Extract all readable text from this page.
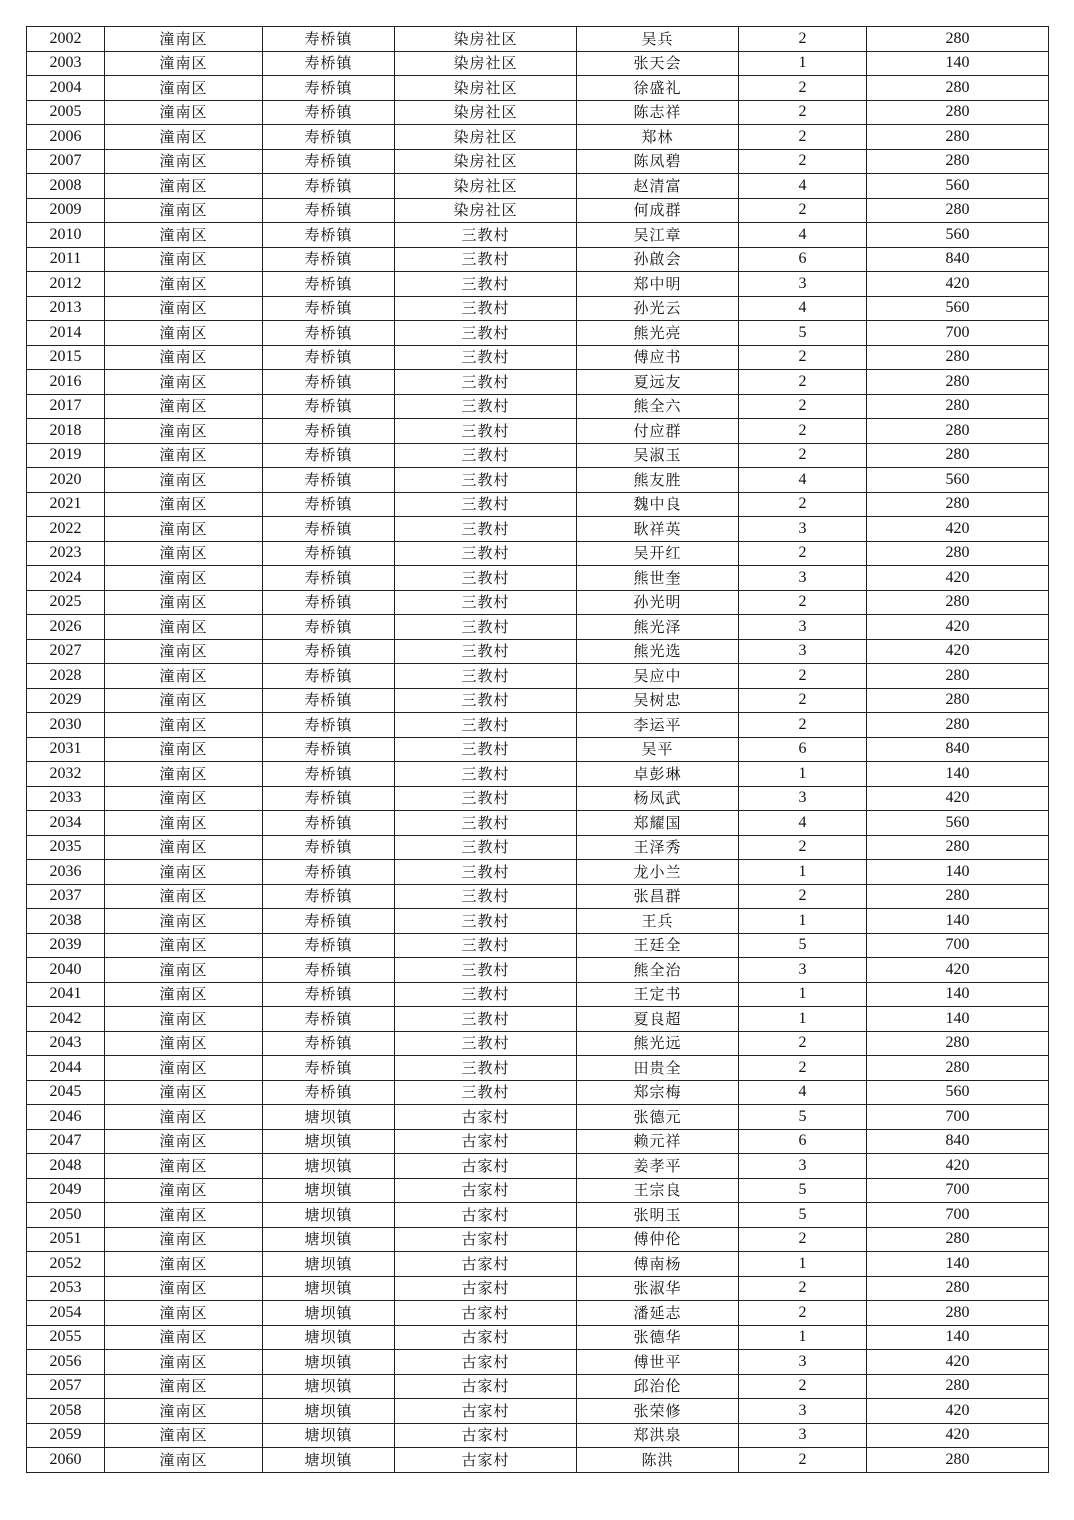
2002	潼南区	寿桥镇	染房社区	吴兵	2	280
2003	潼南区	寿桥镇	染房社区	张天会	1	140
2004	潼南区	寿桥镇	染房社区	徐盛礼	2	280
2005	潼南区	寿桥镇	染房社区	陈志祥	2	280
2006	潼南区	寿桥镇	染房社区	郑林	2	280
2007	潼南区	寿桥镇	染房社区	陈凤碧	2	280
2008	潼南区	寿桥镇	染房社区	赵清富	4	560
2009	潼南区	寿桥镇	染房社区	何成群	2	280
2010	潼南区	寿桥镇	三教村	吴江章	4	560
2011	潼南区	寿桥镇	三教村	孙啟会	6	840
2012	潼南区	寿桥镇	三教村	郑中明	3	420
2013	潼南区	寿桥镇	三教村	孙光云	4	560
2014	潼南区	寿桥镇	三教村	熊光亮	5	700
2015	潼南区	寿桥镇	三教村	傅应书	2	280
2016	潼南区	寿桥镇	三教村	夏远友	2	280
2017	潼南区	寿桥镇	三教村	熊全六	2	280
2018	潼南区	寿桥镇	三教村	付应群	2	280
2019	潼南区	寿桥镇	三教村	吴淑玉	2	280
2020	潼南区	寿桥镇	三教村	熊友胜	4	560
2021	潼南区	寿桥镇	三教村	魏中良	2	280
2022	潼南区	寿桥镇	三教村	耿祥英	3	420
2023	潼南区	寿桥镇	三教村	吴开红	2	280
2024	潼南区	寿桥镇	三教村	熊世奎	3	420
2025	潼南区	寿桥镇	三教村	孙光明	2	280
2026	潼南区	寿桥镇	三教村	熊光泽	3	420
2027	潼南区	寿桥镇	三教村	熊光选	3	420
2028	潼南区	寿桥镇	三教村	吴应中	2	280
2029	潼南区	寿桥镇	三教村	吴树忠	2	280
2030	潼南区	寿桥镇	三教村	李运平	2	280
2031	潼南区	寿桥镇	三教村	吴平	6	840
2032	潼南区	寿桥镇	三教村	卓彭琳	1	140
2033	潼南区	寿桥镇	三教村	杨凤武	3	420
2034	潼南区	寿桥镇	三教村	郑耀国	4	560
2035	潼南区	寿桥镇	三教村	王泽秀	2	280
2036	潼南区	寿桥镇	三教村	龙小兰	1	140
2037	潼南区	寿桥镇	三教村	张昌群	2	280
2038	潼南区	寿桥镇	三教村	王兵	1	140
2039	潼南区	寿桥镇	三教村	王廷全	5	700
2040	潼南区	寿桥镇	三教村	熊全治	3	420
2041	潼南区	寿桥镇	三教村	王定书	1	140
2042	潼南区	寿桥镇	三教村	夏良超	1	140
2043	潼南区	寿桥镇	三教村	熊光远	2	280
2044	潼南区	寿桥镇	三教村	田贵全	2	280
2045	潼南区	寿桥镇	三教村	郑宗梅	4	560
2046	潼南区	塘坝镇	古家村	张德元	5	700
2047	潼南区	塘坝镇	古家村	赖元祥	6	840
2048	潼南区	塘坝镇	古家村	姜孝平	3	420
2049	潼南区	塘坝镇	古家村	王宗良	5	700
2050	潼南区	塘坝镇	古家村	张明玉	5	700
2051	潼南区	塘坝镇	古家村	傅仲伦	2	280
2052	潼南区	塘坝镇	古家村	傅南杨	1	140
2053	潼南区	塘坝镇	古家村	张淑华	2	280
2054	潼南区	塘坝镇	古家村	潘延志	2	280
2055	潼南区	塘坝镇	古家村	张德华	1	140
2056	潼南区	塘坝镇	古家村	傅世平	3	420
2057	潼南区	塘坝镇	古家村	邱治伦	2	280
2058	潼南区	塘坝镇	古家村	张荣修	3	420
2059	潼南区	塘坝镇	古家村	郑洪泉	3	420
2060	潼南区	塘坝镇	古家村	陈洪	2	280
